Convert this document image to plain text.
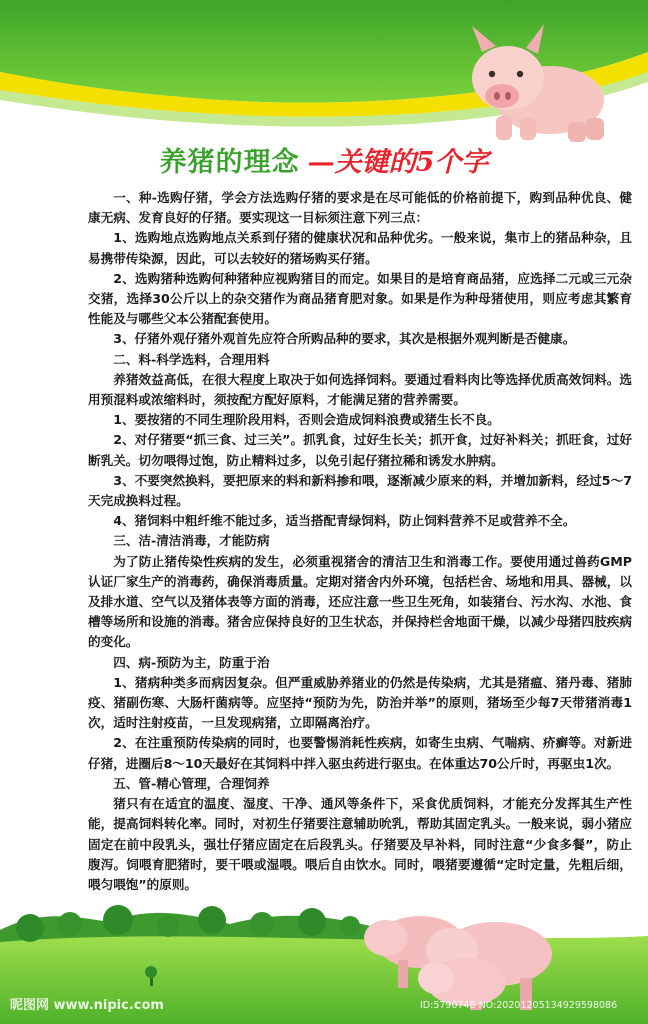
养猪的理念 —关键的5个字

一、种-选购仔猪，学会方法选购仔猪的要求是在尽可能低的价格前提下，购到品种优良、健康无病、发育良好的仔猪。要实现这一目标须注意下列三点：

1、选购地点选购地点关系到仔猪的健康状况和品种优劣。一般来说，集市上的猪品种杂，且易携带传染源，因此，可以去较好的猪场购买仔猪。

2、选购猪种选购何种猪种应视购猪目的而定。如果目的是培育商品猪，应选择二元或三元杂交猪，选择30公斤以上的杂交猪作为商品猪育肥对象。如果是作为种母猪使用，则应考虑其繁育性能及与哪些父本公猪配套使用。

3、仔猪外观仔猪外观首先应符合所购品种的要求，其次是根据外观判断是否健康。

二、料-科学选料，合理用料

养猪效益高低，在很大程度上取决于如何选择饲料。要通过看料肉比等选择优质高效饲料。选用预混料或浓缩料时，须按配方配好原料，才能满足猪的营养需要。

1、要按猪的不同生理阶段用料，否则会造成饲料浪费或猪生长不良。

2、对仔猪要“抓三食、过三关”。抓乳食，过好生长关；抓开食，过好补料关；抓旺食，过好断乳关。切勿喂得过饱，防止精料过多，以免引起仔猪拉稀和诱发水肿病。

3、不要突然换料，要把原来的料和新料掺和喂，逐渐减少原来的料，并增加新料，经过5～7天完成换料过程。

4、猪饲料中粗纤维不能过多，适当搭配青绿饲料，防止饲料营养不足或营养不全。

三、洁-清洁消毒，才能防病

为了防止猪传染性疾病的发生，必须重视猪舍的清洁卫生和消毒工作。要使用通过兽药GMP认证厂家生产的消毒药，确保消毒质量。定期对猪舍内外环境，包括栏舍、场地和用具、器械，以及排水道、空气以及猪体表等方面的消毒，还应注意一些卫生死角，如装猪台、污水沟、水池、食槽等场所和设施的消毒。猪舍应保持良好的卫生状态，并保持栏舍地面干燥，以减少母猪四肢疾病的变化。

四、病-预防为主，防重于治

1、猪病种类多而病因复杂。但严重威胁养猪业的仍然是传染病，尤其是猪瘟、猪丹毒、猪肺疫、猪副伤寒、大肠杆菌病等。应坚持“预防为先，防治并举”的原则，猪场至少每7天带猪消毒1次，适时注射疫苗，一旦发现病猪，立即隔离治疗。

2、在注重预防传染病的同时，也要警惕消耗性疾病，如寄生虫病、气喘病、疥癣等。对新进仔猪，进圈后8～10天最好在其饲料中拌入驱虫药进行驱虫。在体重达70公斤时，再驱虫1次。

五、管-精心管理，合理饲养

猪只有在适宜的温度、湿度、干净、通风等条件下，采食优质饲料，才能充分发挥其生产性能，提高饲料转化率。同时，对初生仔猪要注意辅助吮乳，帮助其固定乳头。一般来说，弱小猪应固定在前中段乳头，强壮仔猪应固定在后段乳头。仔猪要及早补料，同时注意“少食多餐”，防止腹泻。饲喂育肥猪时，要干喂或湿喂。喂后自由饮水。同时，喂猪要遵循“定时定量，先粗后细，喂匀喂饱”的原则。

昵图网 www.nipic.com	ID:5790748 NO:20201205134929598086
